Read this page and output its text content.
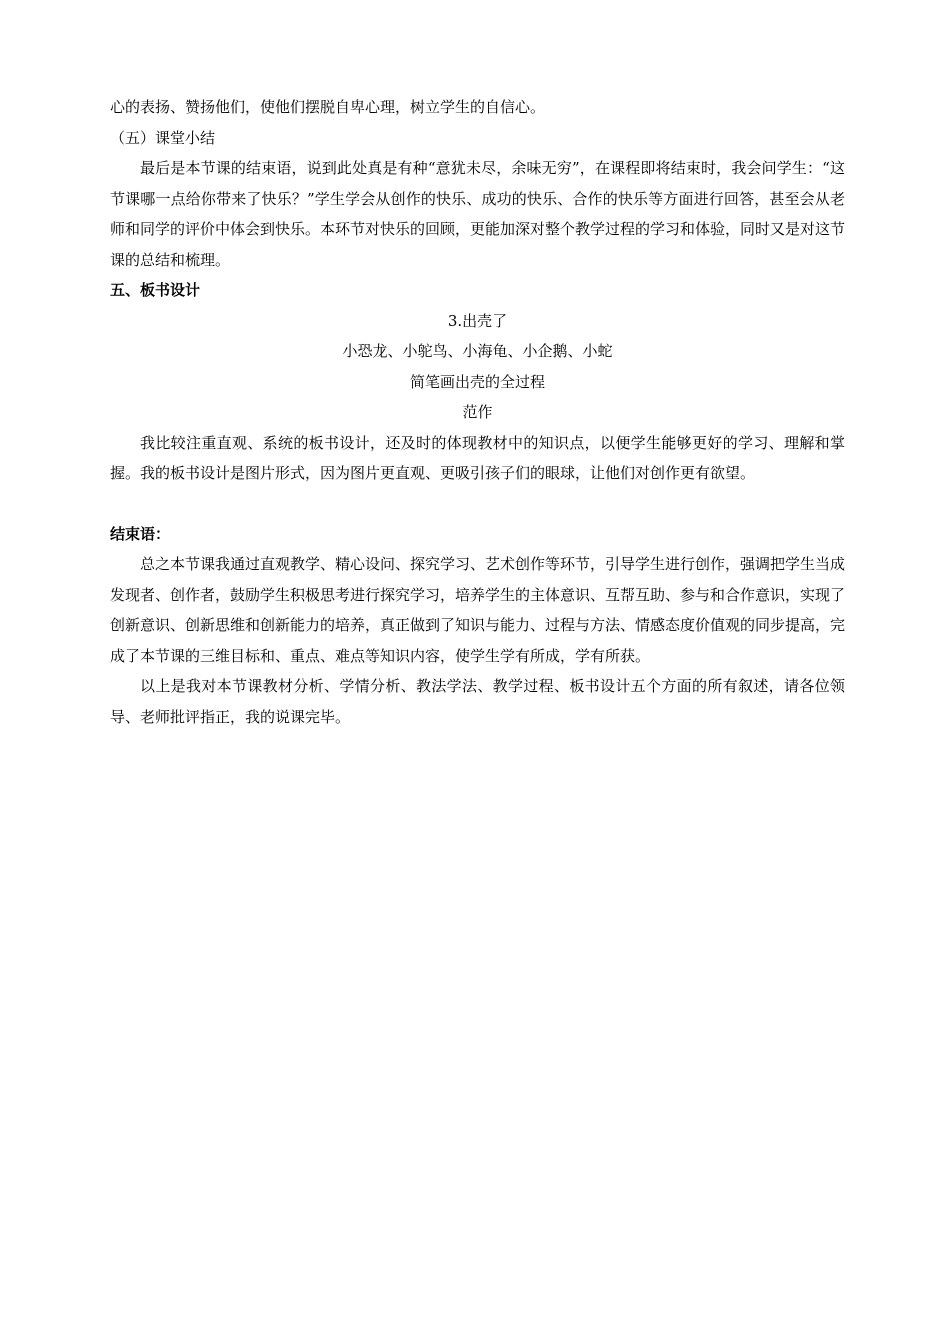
心的表扬、赞扬他们，使他们摆脱自卑心理，树立学生的自信心。
（五）课堂小结

最后是本节课的结束语，说到此处真是有种“意犹未尽，余味无穷”，在课程即将结束时，我会问学生：“这节课哪一点给你带来了快乐？”学生学会从创作的快乐、成功的快乐、合作的快乐等方面进行回答，甚至会从老师和同学的评价中体会到快乐。本环节对快乐的回顾，更能加深对整个教学过程的学习和体验，同时又是对这节课的总结和梳理。

五、板书设计
3.出壳了
小恐龙、小鸵鸟、小海龟、小企鹅、小蛇
简笔画出壳的全过程
范作

我比较注重直观、系统的板书设计，还及时的体现教材中的知识点，以便学生能够更好的学习、理解和掌握。我的板书设计是图片形式，因为图片更直观、更吸引孩子们的眼球，让他们对创作更有欲望。

结束语：

总之本节课我通过直观教学、精心设问、探究学习、艺术创作等环节，引导学生进行创作，强调把学生当成发现者、创作者，鼓励学生积极思考进行探究学习，培养学生的主体意识、互帮互助、参与和合作意识，实现了创新意识、创新思维和创新能力的培养，真正做到了知识与能力、过程与方法、情感态度价值观的同步提高，完成了本节课的三维目标和、重点、难点等知识内容，使学生学有所成，学有所获。

以上是我对本节课教材分析、学情分析、教法学法、教学过程、板书设计五个方面的所有叙述，请各位领导、老师批评指正，我的说课完毕。
